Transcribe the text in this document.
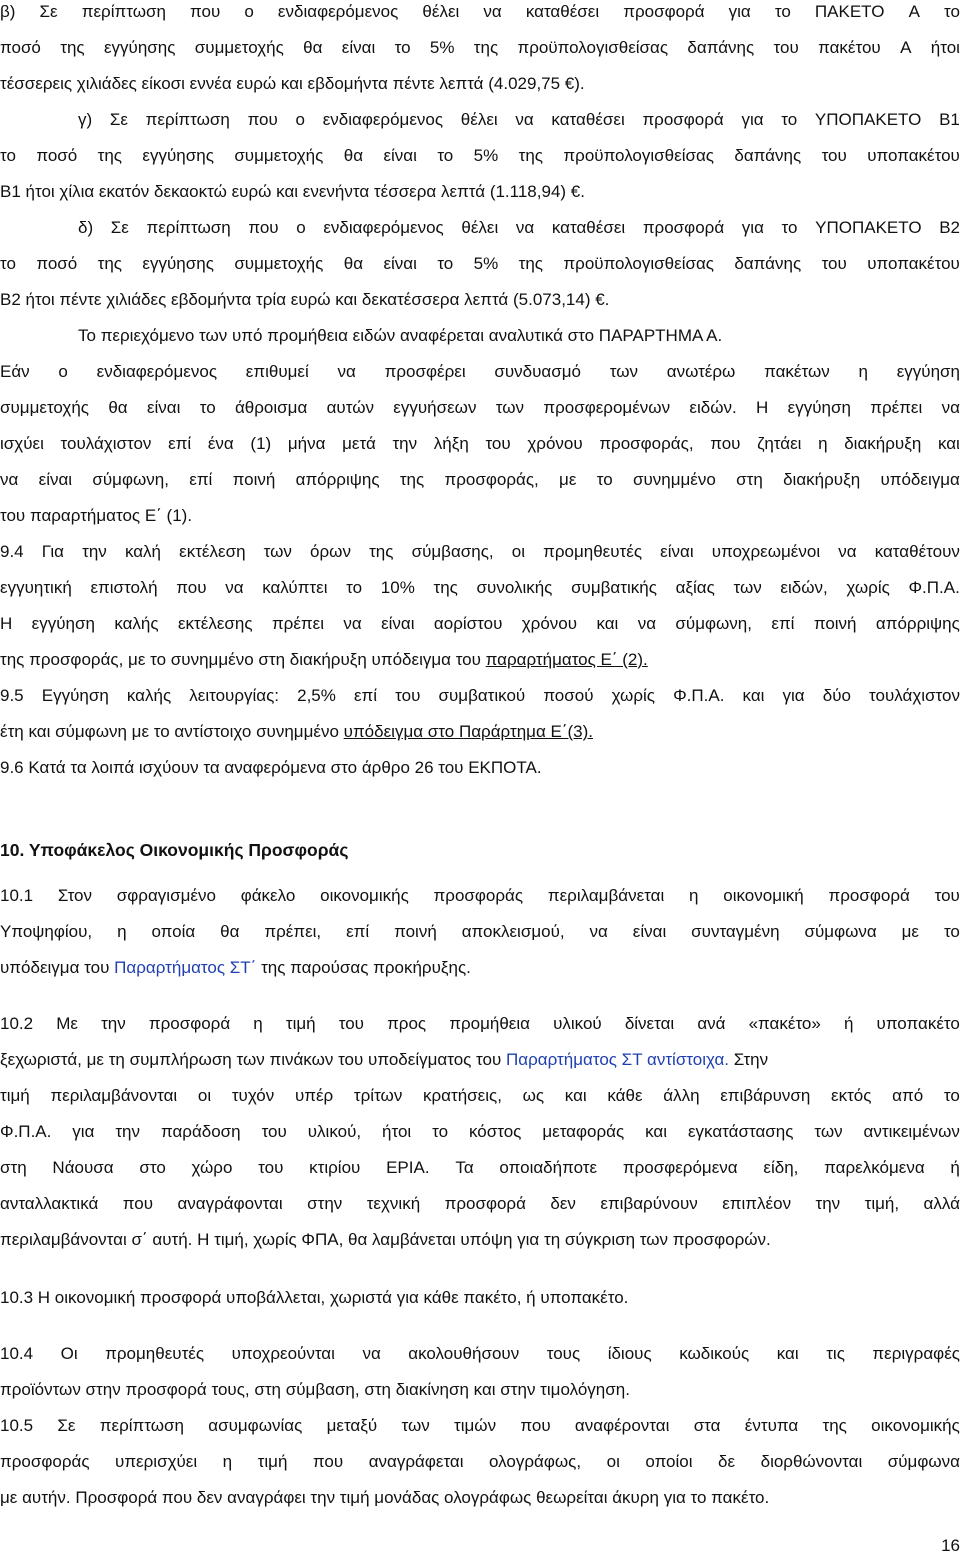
β) Σε περίπτωση που ο ενδιαφερόμενος θέλει να καταθέσει προσφορά για το ΠΑΚΕΤΟ Α το
ποσό της εγγύησης συμμετοχής θα είναι το 5% της προϋπολογισθείσας δαπάνης του πακέτου Α ήτοι
τέσσερεις χιλιάδες είκοσι εννέα ευρώ και εβδομήντα πέντε λεπτά (4.029,75 €).
γ) Σε περίπτωση που ο ενδιαφερόμενος θέλει να καταθέσει προσφορά για το ΥΠΟΠΑΚΕΤΟ Β1
το ποσό της εγγύησης συμμετοχής θα είναι το 5% της προϋπολογισθείσας δαπάνης του υποπακέτου
Β1 ήτοι χίλια εκατόν δεκαοκτώ ευρώ και ενενήντα τέσσερα λεπτά (1.118,94) €.
δ) Σε περίπτωση που ο ενδιαφερόμενος θέλει να καταθέσει προσφορά για το ΥΠΟΠΑΚΕΤΟ Β2
το ποσό της εγγύησης συμμετοχής θα είναι το 5% της προϋπολογισθείσας δαπάνης του υποπακέτου
Β2 ήτοι πέντε χιλιάδες εβδομήντα τρία ευρώ και δεκατέσσερα λεπτά (5.073,14) €.
Το περιεχόμενο των υπό προμήθεια ειδών αναφέρεται αναλυτικά στο ΠΑΡΑΡΤΗΜΑ Α.
Εάν ο ενδιαφερόμενος επιθυμεί να προσφέρει συνδυασμό των ανωτέρω πακέτων η εγγύηση
συμμετοχής θα είναι το άθροισμα αυτών εγγυήσεων των προσφερομένων ειδών. Η εγγύηση πρέπει να
ισχύει τουλάχιστον επί ένα (1) μήνα μετά την λήξη του χρόνου προσφοράς, που ζητάει η διακήρυξη και
να είναι σύμφωνη, επί ποινή απόρριψης της προσφοράς, με το συνημμένο στη διακήρυξη υπόδειγμα
του παραρτήματος Ε΄ (1).
9.4 Για την καλή εκτέλεση των όρων της σύμβασης, οι προμηθευτές είναι υποχρεωμένοι να καταθέτουν
εγγυητική επιστολή που να καλύπτει το 10% της συνολικής συμβατικής αξίας των ειδών, χωρίς Φ.Π.Α.
Η εγγύηση καλής εκτέλεσης πρέπει να είναι αορίστου χρόνου και να σύμφωνη, επί ποινή απόρριψης
της προσφοράς, με το συνημμένο στη διακήρυξη υπόδειγμα του παραρτήματος Ε΄ (2).
9.5 Εγγύηση καλής λειτουργίας: 2,5% επί του συμβατικού ποσού χωρίς Φ.Π.Α. και για δύο τουλάχιστον
έτη και σύμφωνη με το αντίστοιχο συνημμένο υπόδειγμα στο Παράρτημα Ε΄(3).
9.6 Κατά τα λοιπά ισχύουν τα αναφερόμενα στο άρθρο 26 του ΕΚΠΟΤΑ.
10. Υποφάκελος Οικονομικής Προσφοράς
10.1 Στον σφραγισμένο φάκελο οικονομικής προσφοράς περιλαμβάνεται η οικονομική προσφορά του
Υποψηφίου, η οποία θα πρέπει, επί ποινή αποκλεισμού, να είναι συνταγμένη σύμφωνα με το
υπόδειγμα του Παραρτήματος ΣΤ΄ της παρούσας προκήρυξης.
10.2 Με την προσφορά η τιμή του προς προμήθεια υλικού δίνεται ανά «πακέτο» ή υποπακέτο
ξεχωριστά, με τη συμπλήρωση των πινάκων του υποδείγματος του Παραρτήματος ΣΤ αντίστοιχα. Στην
τιμή περιλαμβάνονται οι τυχόν υπέρ τρίτων κρατήσεις, ως και κάθε άλλη επιβάρυνση εκτός από το
Φ.Π.Α. για την παράδοση του υλικού, ήτοι το κόστος μεταφοράς και εγκατάστασης των αντικειμένων
στη Νάουσα στο χώρο του κτιρίου ΕΡΙΑ. Τα οποιαδήποτε προσφερόμενα είδη, παρελκόμενα ή
ανταλλακτικά που αναγράφονται στην τεχνική προσφορά δεν επιβαρύνουν επιπλέον την τιμή, αλλά
περιλαμβάνονται σ΄ αυτή. Η τιμή, χωρίς ΦΠΑ, θα λαμβάνεται υπόψη για τη σύγκριση των προσφορών.
10.3 Η οικονομική προσφορά υποβάλλεται, χωριστά για κάθε πακέτο, ή υποπακέτο.
10.4 Οι προμηθευτές υποχρεούνται να ακολουθήσουν τους ίδιους κωδικούς και τις περιγραφές
προϊόντων στην προσφορά τους, στη σύμβαση, στη διακίνηση και στην τιμολόγηση.
10.5 Σε περίπτωση ασυμφωνίας μεταξύ των τιμών που αναφέρονται στα έντυπα της οικονομικής
προσφοράς υπερισχύει η τιμή που αναγράφεται ολογράφως, οι οποίοι δε διορθώνονται σύμφωνα
με αυτήν. Προσφορά που δεν αναγράφει την τιμή μονάδας ολογράφως θεωρείται άκυρη για το πακέτο.
16
